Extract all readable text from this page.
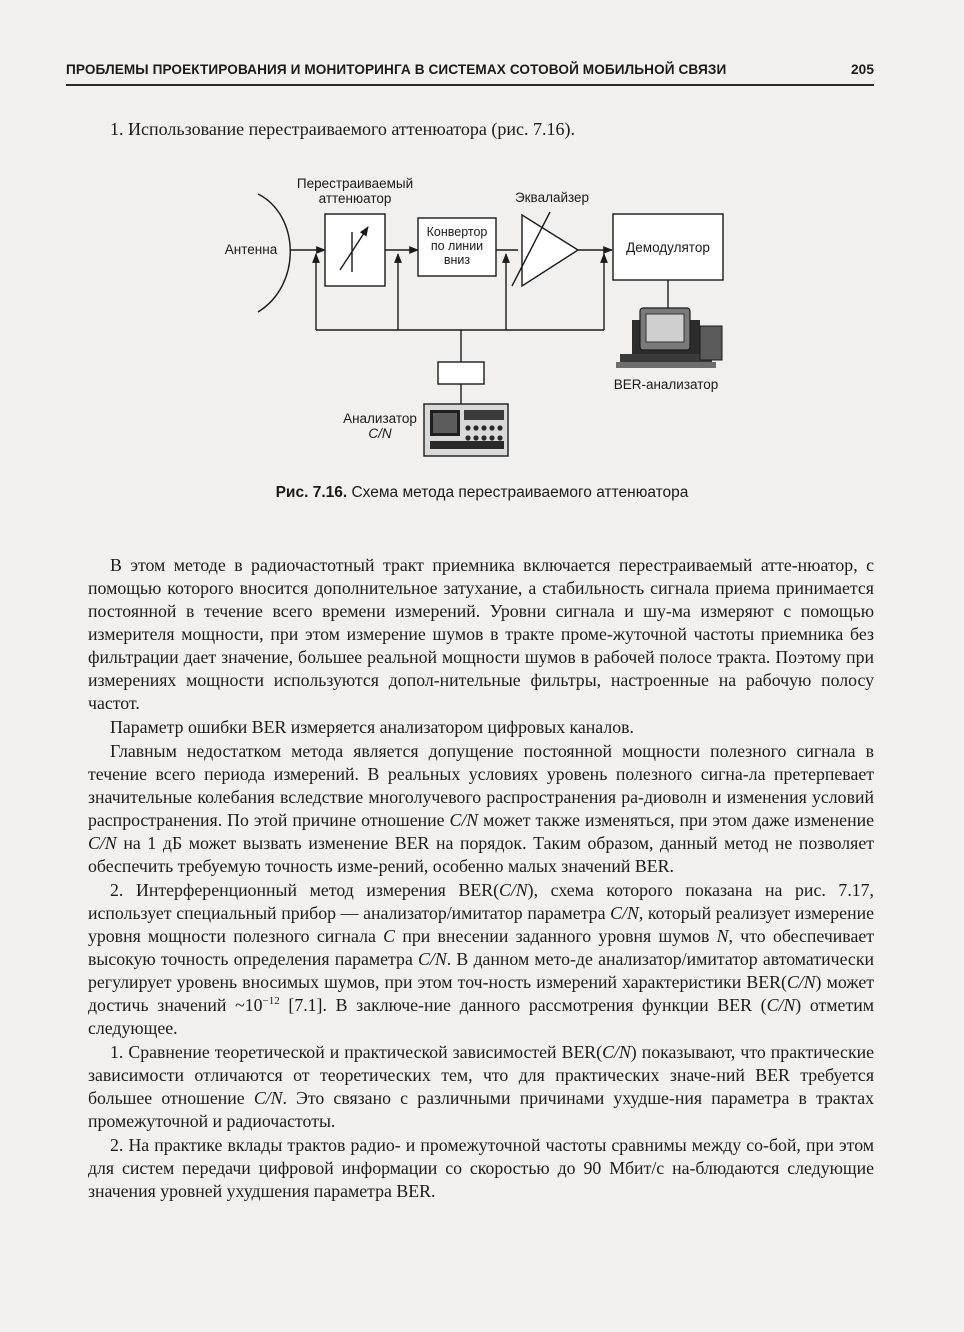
ПРОБЛЕМЫ ПРОЕКТИРОВАНИЯ И МОНИТОРИНГА В СИСТЕМАХ СОТОВОЙ МОБИЛЬНОЙ СВЯЗИ	205
1. Использование перестраиваемого аттенюатора (рис. 7.16).
Перестраиваемый
аттенюатор	Эквалайзер
Антенна
Конвертор
по линии
вниз
Демодулятор
BER-анализатор
Анализатор
C/N
Рис. 7.16. Схема метода перестраиваемого аттенюатора

В этом методе в радиочастотный тракт приемника включается перестраиваемый атте-нюатор, с помощью которого вносится дополнительное затухание, а стабильность сигнала приема принимается постоянной в течение всего времени измерений. Уровни сигнала и шу-ма измеряют с помощью измерителя мощности, при этом измерение шумов в тракте проме-жуточной частоты приемника без фильтрации дает значение, большее реальной мощности шумов в рабочей полосе тракта. Поэтому при измерениях мощности используются допол-нительные фильтры, настроенные на рабочую полосу частот.

Параметр ошибки BER измеряется анализатором цифровых каналов.

Главным недостатком метода является допущение постоянной мощности полезного сигнала в течение всего периода измерений. В реальных условиях уровень полезного сигна-ла претерпевает значительные колебания вследствие многолучевого распространения ра-диоволн и изменения условий распространения. По этой причине отношение C/N может также изменяться, при этом даже изменение C/N на 1 дБ может вызвать изменение BER на порядок. Таким образом, данный метод не позволяет обеспечить требуемую точность изме-рений, особенно малых значений BER.

2. Интерференционный метод измерения BER(C/N), схема которого показана на рис. 7.17, использует специальный прибор — анализатор/имитатор параметра C/N, который реализует измерение уровня мощности полезного сигнала C при внесении заданного уровня шумов N, что обеспечивает высокую точность определения параметра C/N. В данном мето-де анализатор/имитатор автоматически регулирует уровень вносимых шумов, при этом точ-ность измерений характеристики BER(C/N) может достичь значений $\sim 10^{-12}$ [7.1]. В заключе-ние данного рассмотрения функции BER (C/N) отметим следующее.

1. Сравнение теоретической и практической зависимостей BER(C/N) показывают, что практические зависимости отличаются от теоретических тем, что для практических значе-ний BER требуется большее отношение C/N. Это связано с различными причинами ухудше-ния параметра в трактах промежуточной и радиочастоты.

2. На практике вклады трактов радио- и промежуточной частоты сравнимы между со-бой, при этом для систем передачи цифровой информации со скоростью до 90 Мбит/с на-блюдаются следующие значения уровней ухудшения параметра BER.
